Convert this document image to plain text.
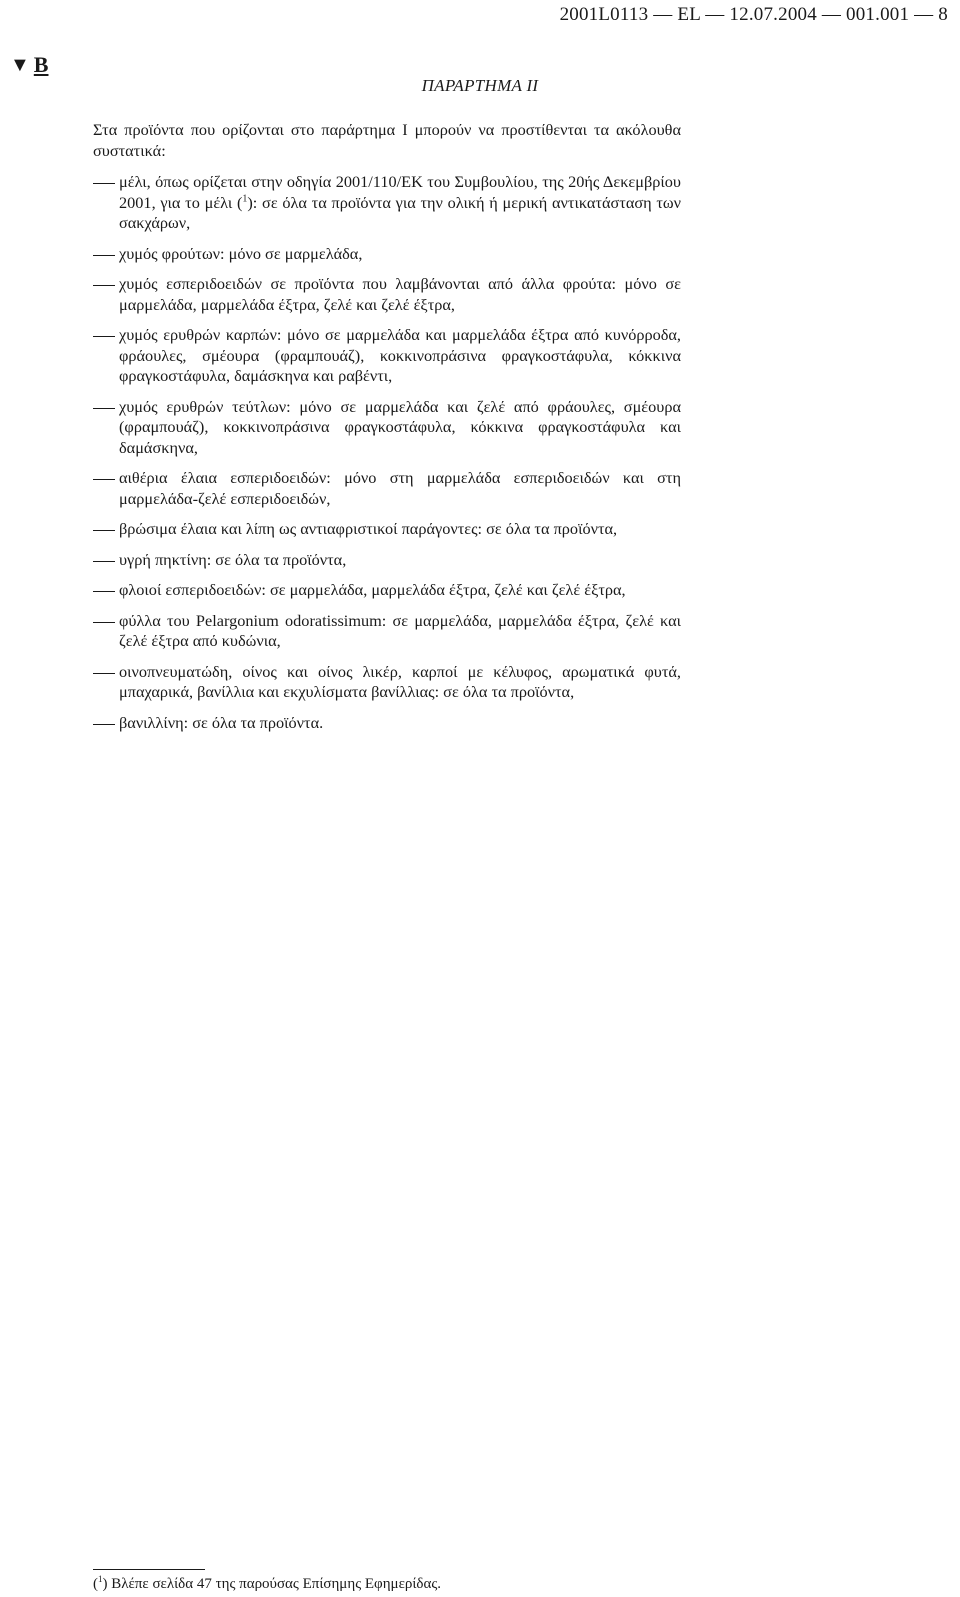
2001L0113 — EL — 12.07.2004 — 001.001 — 8
▼ B
ΠΑΡΑΡΤΗΜΑ II

Στα προϊόντα που ορίζονται στο παράρτημα I μπορούν να προστίθενται τα ακόλουθα συστατικά:

μέλι, όπως ορίζεται στην οδηγία 2001/110/ΕΚ του Συμβουλίου, της 20ής Δεκεμβρίου 2001, για το μέλι ($^1$): σε όλα τα προϊόντα για την ολική ή μερική αντικατάσταση των σακχάρων,
χυμός φρούτων: μόνο σε μαρμελάδα,
χυμός εσπεριδοειδών σε προϊόντα που λαμβάνονται από άλλα φρούτα: μόνο σε μαρμελάδα, μαρμελάδα έξτρα, ζελέ και ζελέ έξτρα,
χυμός ερυθρών καρπών: μόνο σε μαρμελάδα και μαρμελάδα έξτρα από κυνόρροδα, φράουλες, σμέουρα (φραμπουάζ), κοκκινοπράσινα φραγκοστάφυλα, κόκκινα φραγκοστάφυλα, δαμάσκηνα και ραβέντι,
χυμός ερυθρών τεύτλων: μόνο σε μαρμελάδα και ζελέ από φράουλες, σμέουρα (φραμπουάζ), κοκκινοπράσινα φραγκοστάφυλα, κόκκινα φραγκοστάφυλα και δαμάσκηνα,
αιθέρια έλαια εσπεριδοειδών: μόνο στη μαρμελάδα εσπεριδοειδών και στη μαρμελάδα-ζελέ εσπεριδοειδών,
βρώσιμα έλαια και λίπη ως αντιαφριστικοί παράγοντες: σε όλα τα προϊόντα,
υγρή πηκτίνη: σε όλα τα προϊόντα,
φλοιοί εσπεριδοειδών: σε μαρμελάδα, μαρμελάδα έξτρα, ζελέ και ζελέ έξτρα,
φύλλα του Pelargonium odoratissimum: σε μαρμελάδα, μαρμελάδα έξτρα, ζελέ και ζελέ έξτρα από κυδώνια,
οινοπνευματώδη, οίνος και οίνος λικέρ, καρποί με κέλυφος, αρωματικά φυτά, μπαχαρικά, βανίλλια και εκχυλίσματα βανίλλιας: σε όλα τα προϊόντα,
βανιλλίνη: σε όλα τα προϊόντα.
($^1$) Βλέπε σελίδα 47 της παρούσας Επίσημης Εφημερίδας.
